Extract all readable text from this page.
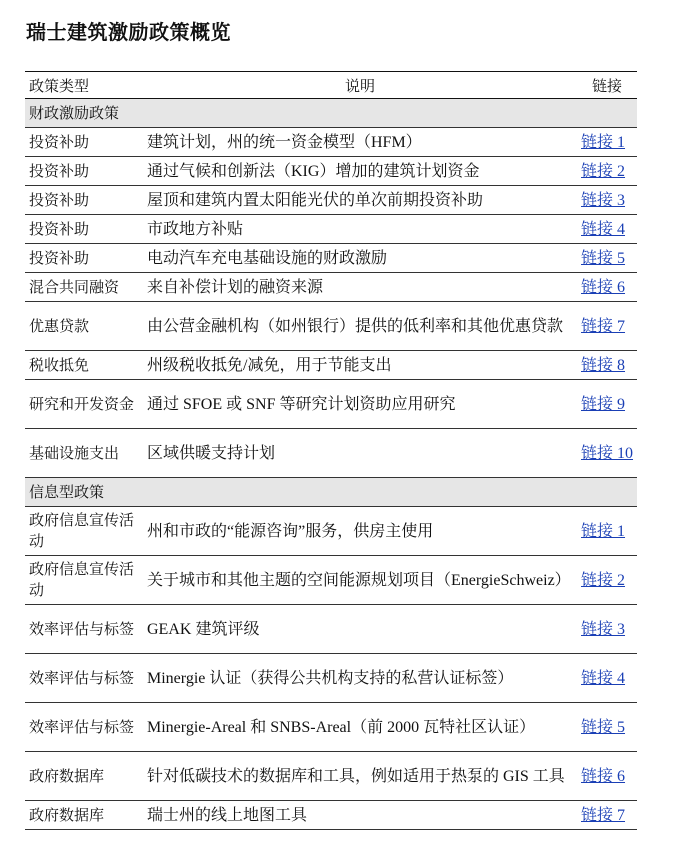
瑞士建筑激励政策概览
政策类型	说明	链接
财政激励政策		
投资补助	建筑计划，州的统一资金模型（HFM）	链接 1
投资补助	通过气候和创新法（KIG）增加的建筑计划资金	链接 2
投资补助	屋顶和建筑内置太阳能光伏的单次前期投资补助	链接 3
投资补助	市政地方补贴	链接 4
投资补助	电动汽车充电基础设施的财政激励	链接 5
混合共同融资	来自补偿计划的融资来源	链接 6
优惠贷款	由公营金融机构（如州银行）提供的低利率和其他优惠贷款	链接 7
税收抵免	州级税收抵免/减免，用于节能支出	链接 8
研究和开发资金	通过 SFOE 或 SNF 等研究计划资助应用研究	链接 9
基础设施支出	区域供暖支持计划	链接 10
信息型政策		
政府信息宣传活动	州和市政的“能源咨询”服务，供房主使用	链接 1
政府信息宣传活动	关于城市和其他主题的空间能源规划项目（EnergieSchweiz）	链接 2
效率评估与标签	GEAK 建筑评级	链接 3
效率评估与标签	Minergie 认证（获得公共机构支持的私营认证标签）	链接 4
效率评估与标签	Minergie-Areal 和 SNBS-Areal（前 2000 瓦特社区认证）	链接 5
政府数据库	针对低碳技术的数据库和工具，例如适用于热泵的 GIS 工具	链接 6
政府数据库	瑞士州的线上地图工具	链接 7
